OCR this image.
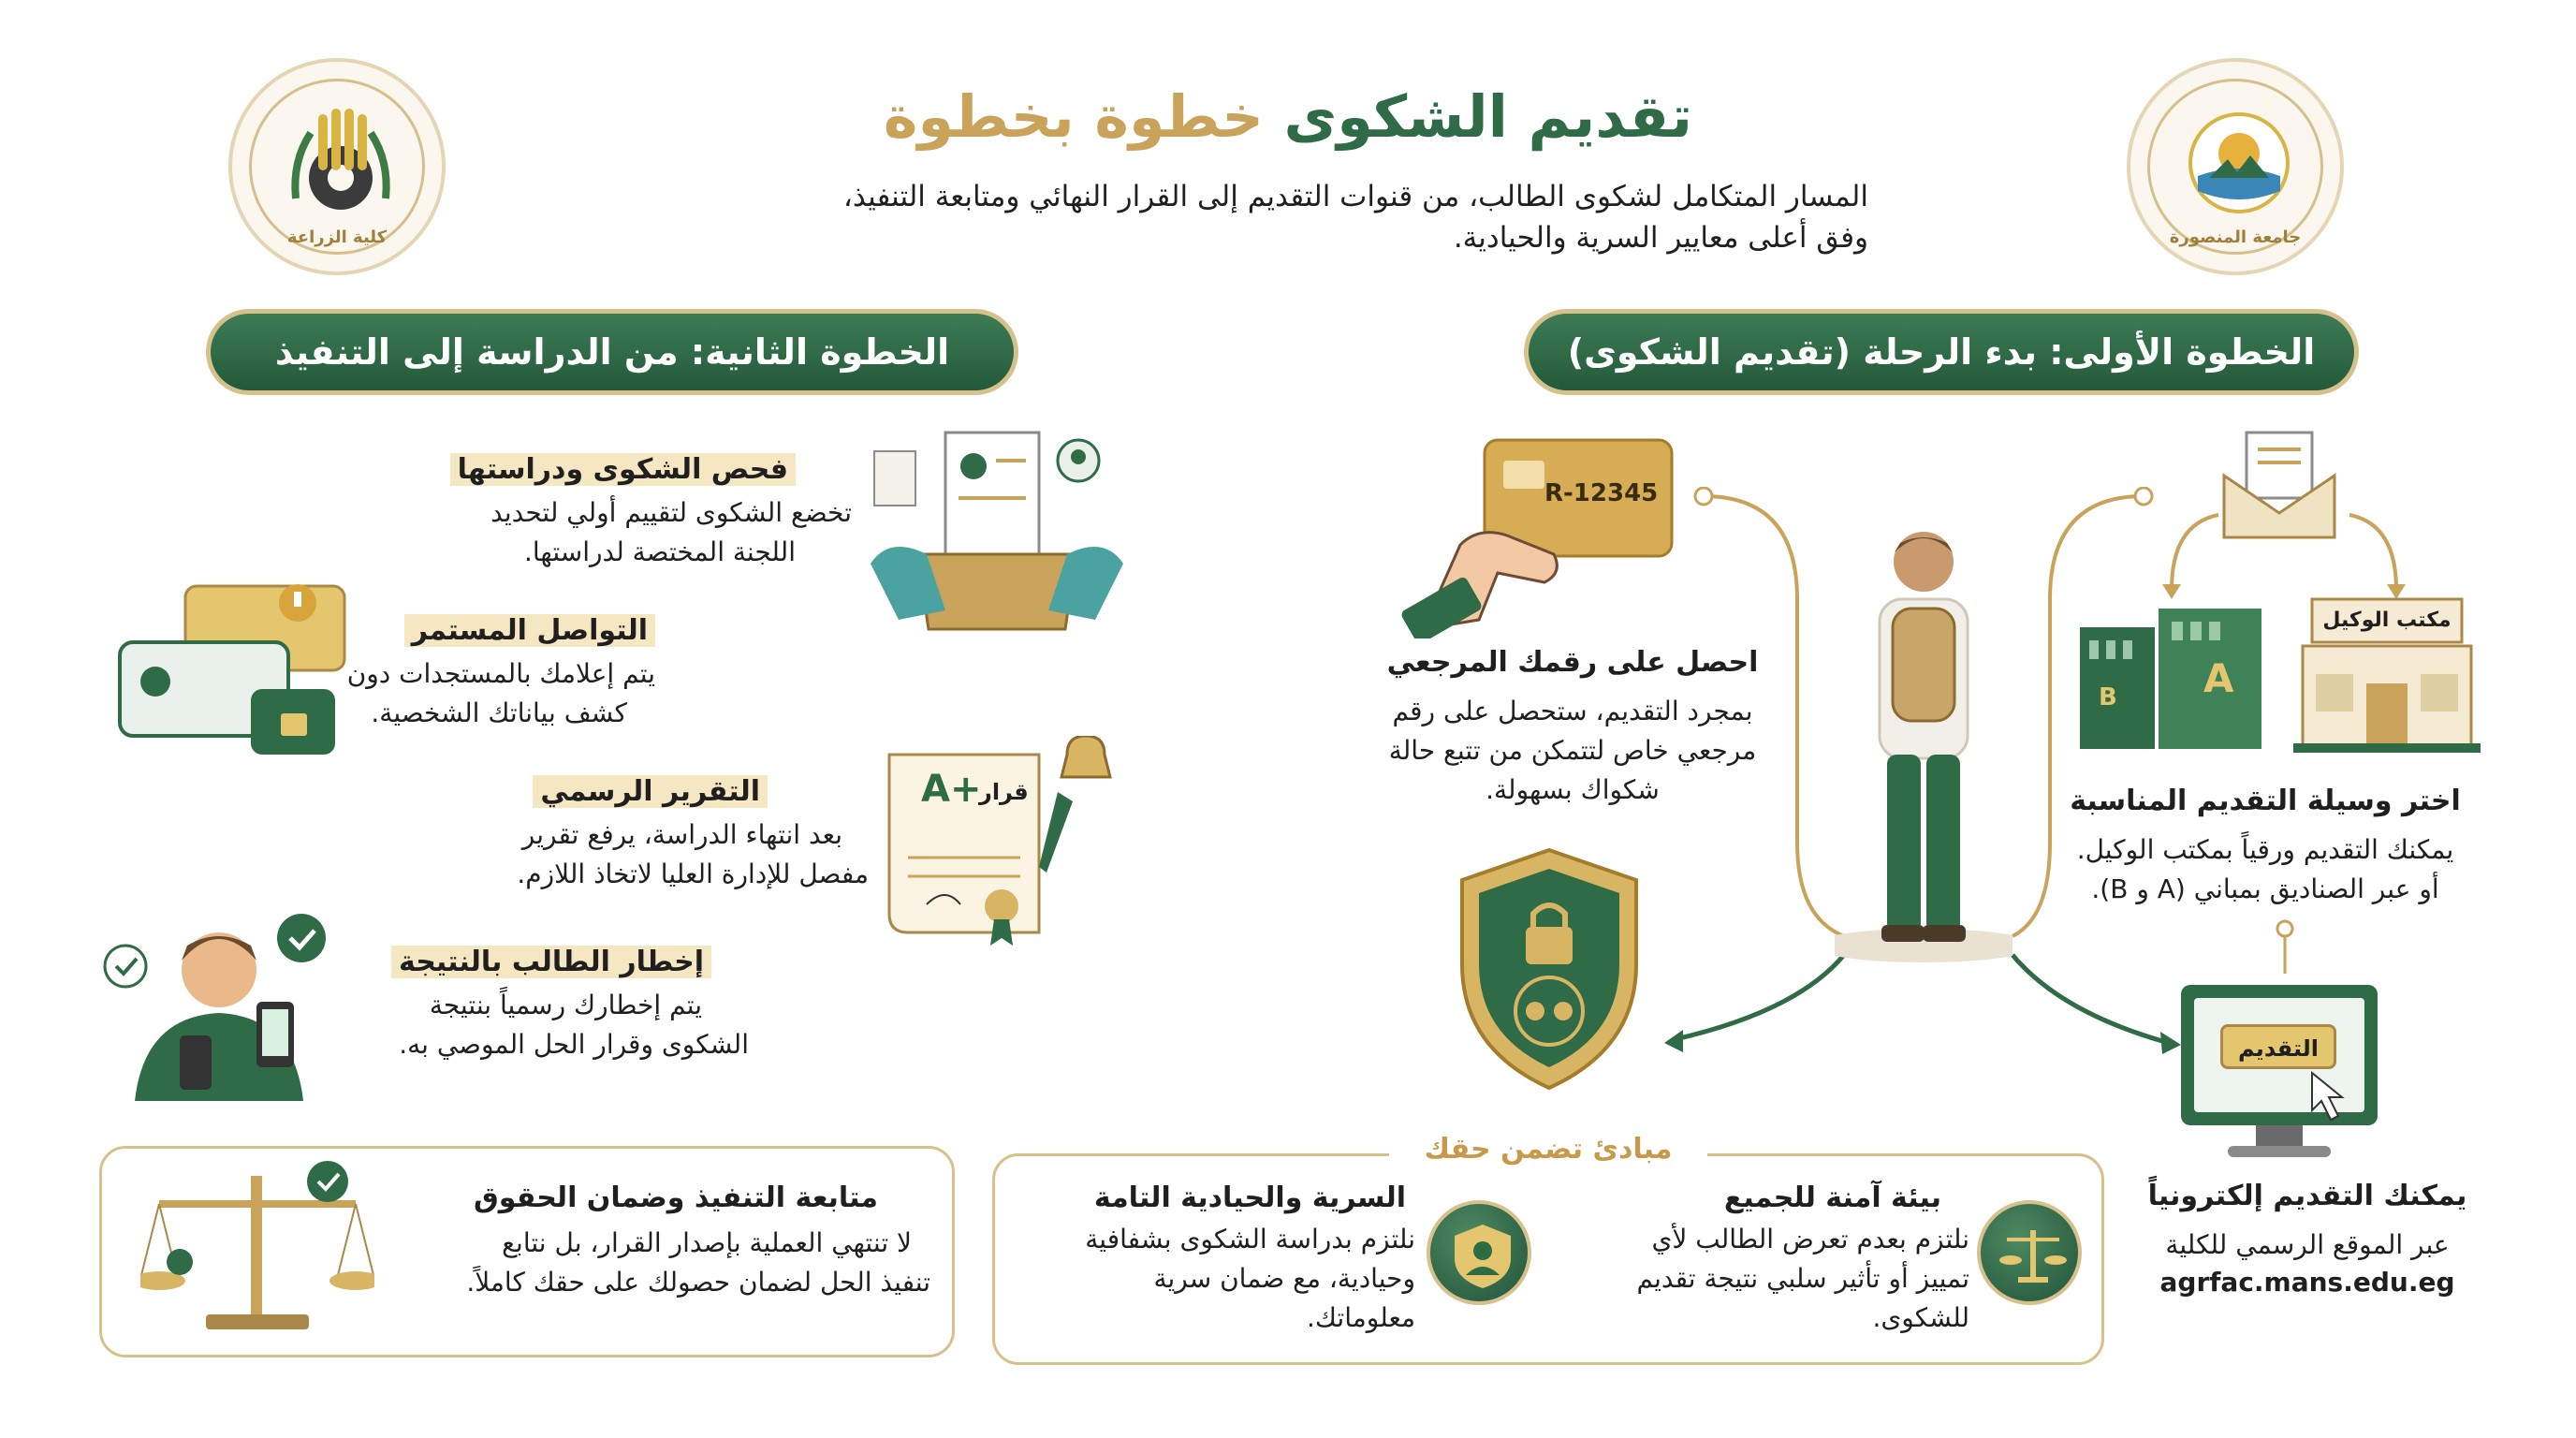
كلية الزراعة	جامعة المنصورة
تقديم الشكوى خطوة بخطوة
المسار المتكامل لشكوى الطالب، من قنوات التقديم إلى القرار النهائي ومتابعة التنفيذ،
وفق أعلى معايير السرية والحيادية.
الخطوة الأولى: بدء الرحلة (تقديم الشكوى)
الخطوة الثانية: من الدراسة إلى التنفيذ
R-12345
احصل على رقمك المرجعي
بمجرد التقديم، ستحصل على رقم
مرجعي خاص لتتمكن من تتبع حالة
شكواك بسهولة.
A
B
مكتب الوكيل
اختر وسيلة التقديم المناسبة
يمكنك التقديم ورقياً بمكتب الوكيل.
أو عبر الصناديق بمباني (A و B).
التقديم
يمكنك التقديم إلكترونياً
عبر الموقع الرسمي للكلية
agrfac.mans.edu.eg
فحص الشكوى ودراستها
تخضع الشكوى لتقييم أولي لتحديد
اللجنة المختصة لدراستها.
التواصل المستمر
يتم إعلامك بالمستجدات دون
كشف بياناتك الشخصية.
A+
قرار
التقرير الرسمي
بعد انتهاء الدراسة، يرفع تقرير
مفصل للإدارة العليا لاتخاذ اللازم.
إخطار الطالب بالنتيجة
يتم إخطارك رسمياً بنتيجة
الشكوى وقرار الحل الموصي به.
متابعة التنفيذ وضمان الحقوق
لا تنتهي العملية بإصدار القرار، بل نتابع
تنفيذ الحل لضمان حصولك على حقك كاملاً.
مبادئ تضمن حقك
بيئة آمنة للجميع
نلتزم بعدم تعرض الطالب لأي
تمييز أو تأثير سلبي نتيجة تقديم
للشكوى.
السرية والحيادية التامة
نلتزم بدراسة الشكوى بشفافية
وحيادية، مع ضمان سرية
معلوماتك.
